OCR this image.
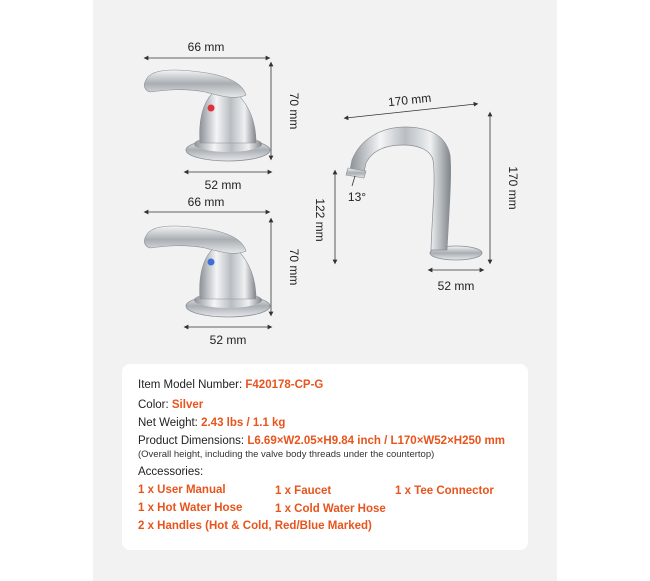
66 mm
70 mm
52 mm
66 mm
70 mm
52 mm
170 mm
170 mm
122 mm
13°
52 mm
Item Model Number: F420178-CP-G
Color: Silver
Net Weight: 2.43 lbs / 1.1 kg
Product Dimensions: L6.69×W2.05×H9.84 inch / L170×W52×H250 mm
(Overall height, including the valve body threads under the countertop)
Accessories:
1 x User Manual	1 x Faucet	1 x Tee Connector
1 x Hot Water Hose	1 x Cold Water Hose
2 x Handles (Hot & Cold, Red/Blue Marked)
